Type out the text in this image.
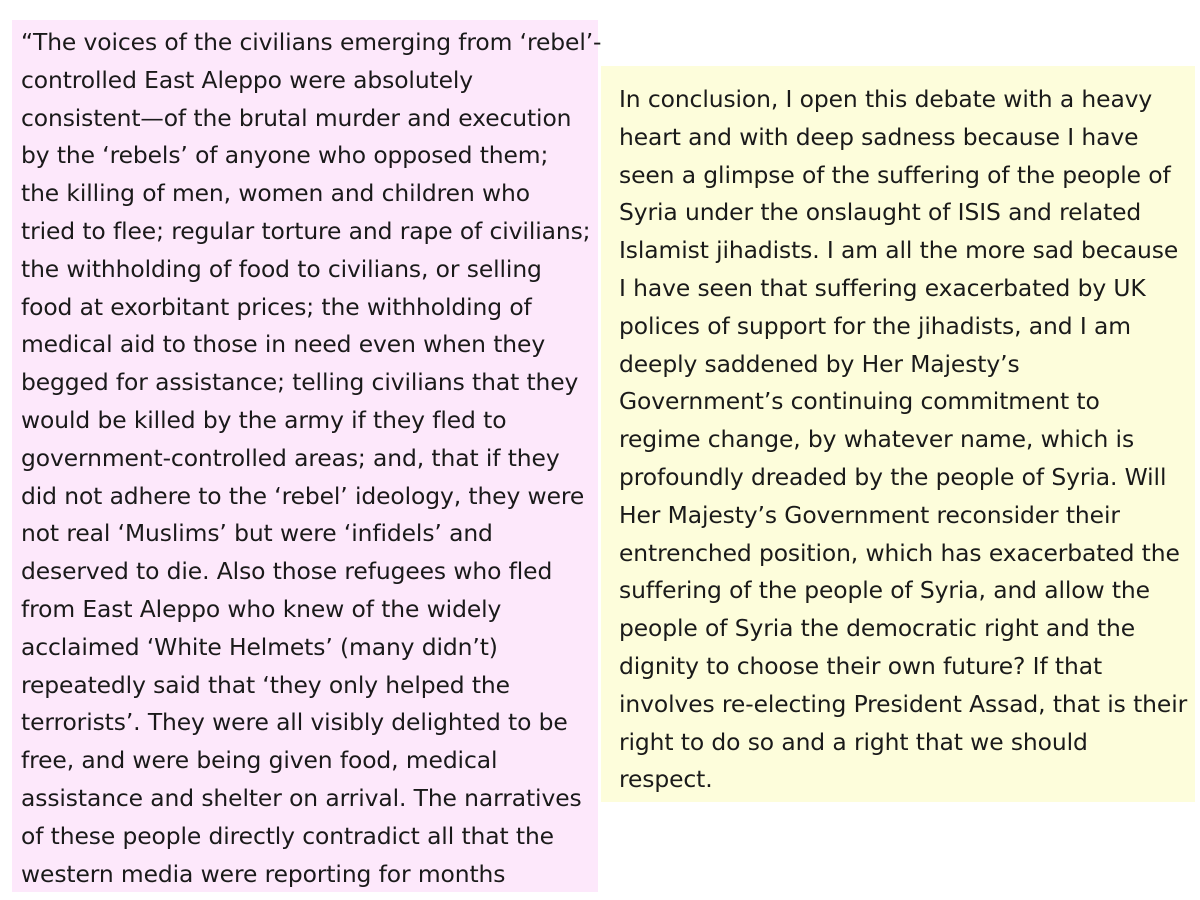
“The voices of the civilians emerging from ‘rebel’-
controlled East Aleppo were absolutely
consistent—of the brutal murder and execution
by the ‘rebels’ of anyone who opposed them;
the killing of men, women and children who
tried to flee; regular torture and rape of civilians;
the withholding of food to civilians, or selling
food at exorbitant prices; the withholding of
medical aid to those in need even when they
begged for assistance; telling civilians that they
would be killed by the army if they fled to
government-controlled areas; and, that if they
did not adhere to the ‘rebel’ ideology, they were
not real ‘Muslims’ but were ‘infidels’ and
deserved to die. Also those refugees who fled
from East Aleppo who knew of the widely
acclaimed ‘White Helmets’ (many didn’t)
repeatedly said that ‘they only helped the
terrorists’. They were all visibly delighted to be
free, and were being given food, medical
assistance and shelter on arrival. The narratives
of these people directly contradict all that the
western media were reporting for months
In conclusion, I open this debate with a heavy
heart and with deep sadness because I have
seen a glimpse of the suffering of the people of
Syria under the onslaught of ISIS and related
Islamist jihadists. I am all the more sad because
I have seen that suffering exacerbated by UK
polices of support for the jihadists, and I am
deeply saddened by Her Majesty’s
Government’s continuing commitment to
regime change, by whatever name, which is
profoundly dreaded by the people of Syria. Will
Her Majesty’s Government reconsider their
entrenched position, which has exacerbated the
suffering of the people of Syria, and allow the
people of Syria the democratic right and the
dignity to choose their own future? If that
involves re-electing President Assad, that is their
right to do so and a right that we should
respect.
